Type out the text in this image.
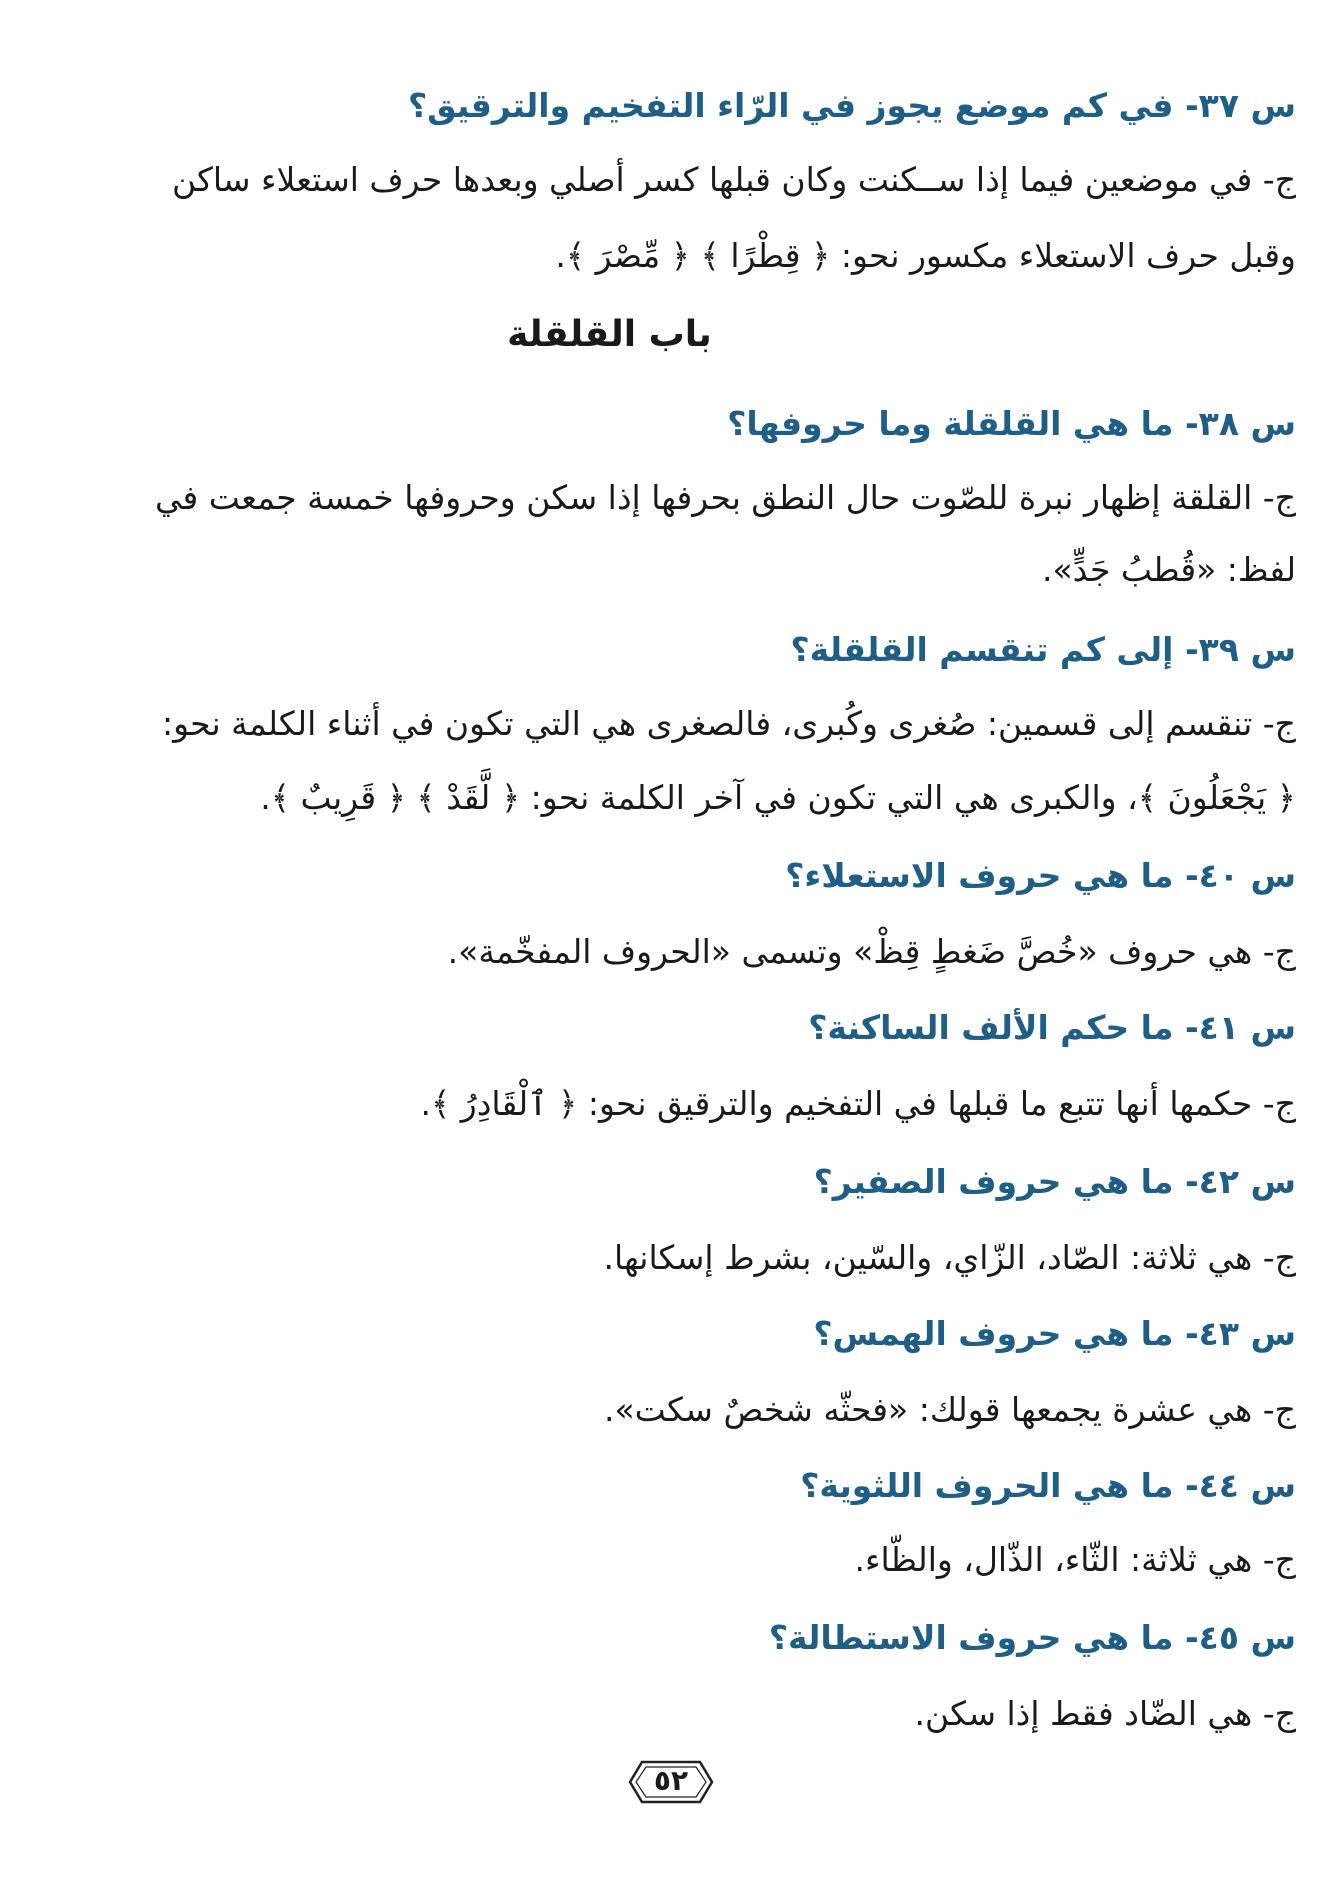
س ٣٧- في كم موضع يجوز في الرّاء التفخيم والترقيق؟
ج- في موضعين فيما إذا ســكنت وكان قبلها كسر أصلي وبعدها حرف استعلاء ساكن
وقبل حرف الاستعلاء مكسور نحو: ﴿ قِطْرًا ﴾ ﴿ مِّصْرَ ﴾.
باب القلقلة
س ٣٨- ما هي القلقلة وما حروفها؟
ج- القلقة إظهار نبرة للصّوت حال النطق بحرفها إذا سكن وحروفها خمسة جمعت في
لفظ: «قُطبُ جَدٍّ».
س ٣٩- إلى كم تنقسم القلقلة؟
ج- تنقسم إلى قسمين: صُغرى وكُبرى، فالصغرى هي التي تكون في أثناء الكلمة نحو:
﴿ يَجْعَلُونَ ﴾، والكبرى هي التي تكون في آخر الكلمة نحو: ﴿ لَّقَدْ ﴾ ﴿ قَرِيبٌ ﴾.
س ٤٠- ما هي حروف الاستعلاء؟
ج- هي حروف «خُصَّ ضَغطٍ قِظْ» وتسمى «الحروف المفخّمة».
س ٤١- ما حكم الألف الساكنة؟
ج- حكمها أنها تتبع ما قبلها في التفخيم والترقيق نحو: ﴿ ٱلْقَادِرُ ﴾.
س ٤٢- ما هي حروف الصفير؟
ج- هي ثلاثة: الصّاد، الزّاي، والسّين، بشرط إسكانها.
س ٤٣- ما هي حروف الهمس؟
ج- هي عشرة يجمعها قولك: «فحثّه شخصٌ سكت».
س ٤٤- ما هي الحروف اللثوية؟
ج- هي ثلاثة: الثّاء، الذّال، والظّاء.
س ٤٥- ما هي حروف الاستطالة؟
ج- هي الضّاد فقط إذا سكن.
٥٢
